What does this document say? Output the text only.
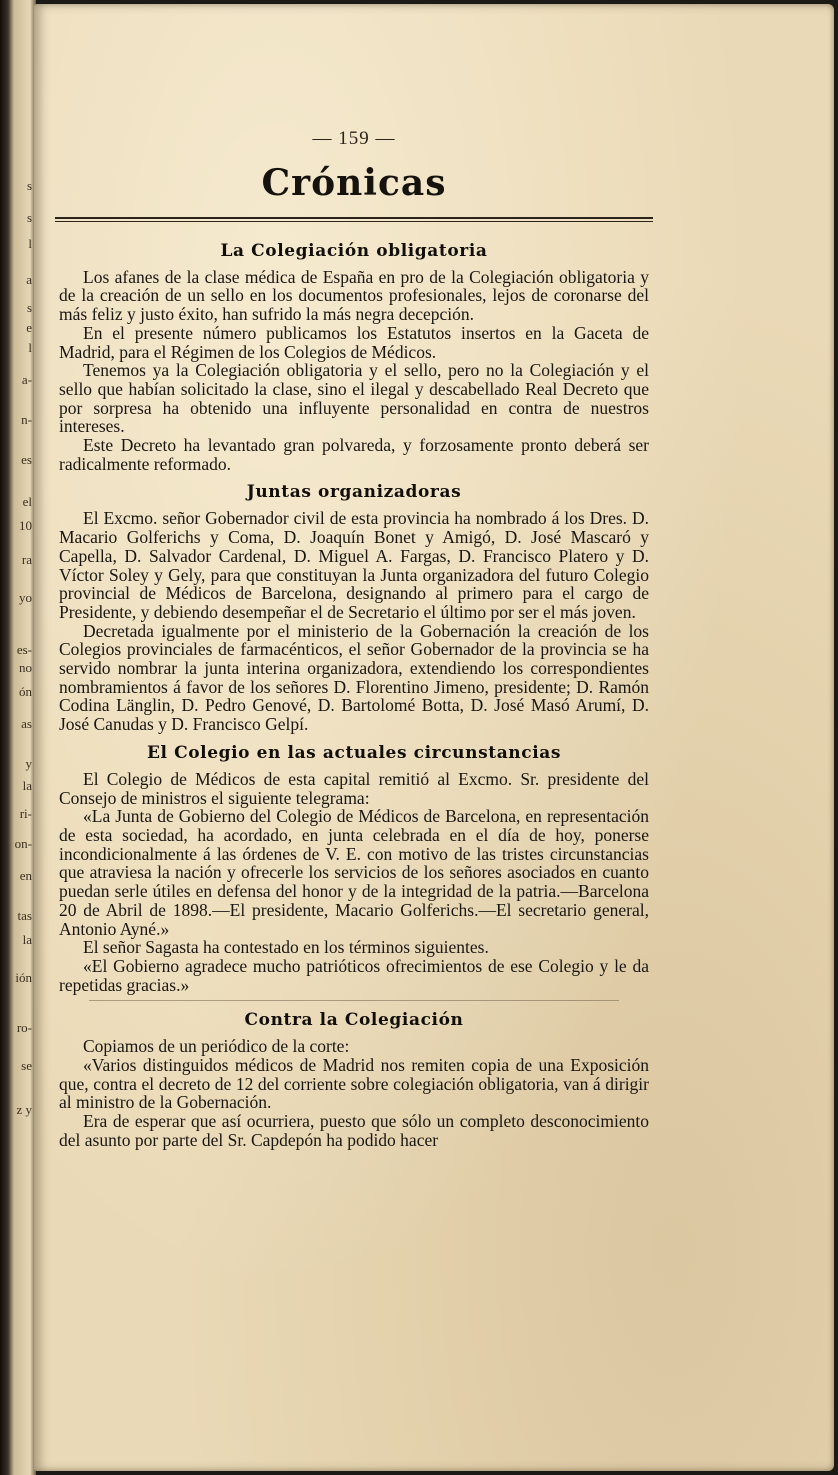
s
s
l
a
s
e
l
a-
n-
es
el
10
ra
yo
es-
no
ón
as
y
la
ri-
on-
en
tas
la
ión
ro-
se
z y
— 159 —
Crónicas
La Colegiación obligatoria

Los afanes de la clase médica de España en pro de la Colegiación obligatoria y de la creación de un sello en los documentos profesionales, lejos de coronarse del más feliz y justo éxito, han sufrido la más negra decepción.

En el presente número publicamos los Estatutos insertos en la Gaceta de Madrid, para el Régimen de los Colegios de Médicos.

Tenemos ya la Colegiación obligatoria y el sello, pero no la Colegiación y el sello que habían solicitado la clase, sino el ilegal y descabellado Real Decreto que por sorpresa ha obtenido una influyente personalidad en contra de nuestros intereses.

Este Decreto ha levantado gran polvareda, y forzosamente pronto deberá ser radicalmente reformado.

Juntas organizadoras

El Excmo. señor Gobernador civil de esta provincia ha nombrado á los Dres. D. Macario Golferichs y Coma, D. Joaquín Bonet y Amigó, D. José Mascaró y Capella, D. Salvador Cardenal, D. Miguel A. Fargas, D. Francisco Platero y D. Víctor Soley y Gely, para que constituyan la Junta organizadora del futuro Colegio provincial de Médicos de Barcelona, designando al primero para el cargo de Presidente, y debiendo desempeñar el de Secretario el último por ser el más joven.

Decretada igualmente por el ministerio de la Gobernación la creación de los Colegios provinciales de farmacénticos, el señor Gobernador de la provincia se ha servido nombrar la junta interina organizadora, extendiendo los correspondientes nombramientos á favor de los señores D. Florentino Jimeno, presidente; D. Ramón Codina Länglin, D. Pedro Genové, D. Bartolomé Botta, D. José Masó Arumí, D. José Canudas y D. Francisco Gelpí.

El Colegio en las actuales circunstancias

El Colegio de Médicos de esta capital remitió al Excmo. Sr. presidente del Consejo de ministros el siguiente telegrama:

«La Junta de Gobierno del Colegio de Médicos de Barcelona, en representación de esta sociedad, ha acordado, en junta celebrada en el día de hoy, ponerse incondicionalmente á las órdenes de V. E. con motivo de las tristes circunstancias que atraviesa la nación y ofrecerle los servicios de los señores asociados en cuanto puedan serle útiles en defensa del honor y de la integridad de la patria.—Barcelona 20 de Abril de 1898.—El presidente, Macario Golferichs.—El secretario general, Antonio Ayné.»

El señor Sagasta ha contestado en los términos siguientes.

«El Gobierno agradece mucho patrióticos ofrecimientos de ese Colegio y le da repetidas gracias.»

Contra la Colegiación

Copiamos de un periódico de la corte:

«Varios distinguidos médicos de Madrid nos remiten copia de una Exposición que, contra el decreto de 12 del corriente sobre colegiación obligatoria, van á dirigir al ministro de la Gobernación.

Era de esperar que así ocurriera, puesto que sólo un completo desconocimiento del asunto por parte del Sr. Capdepón ha podido hacer
